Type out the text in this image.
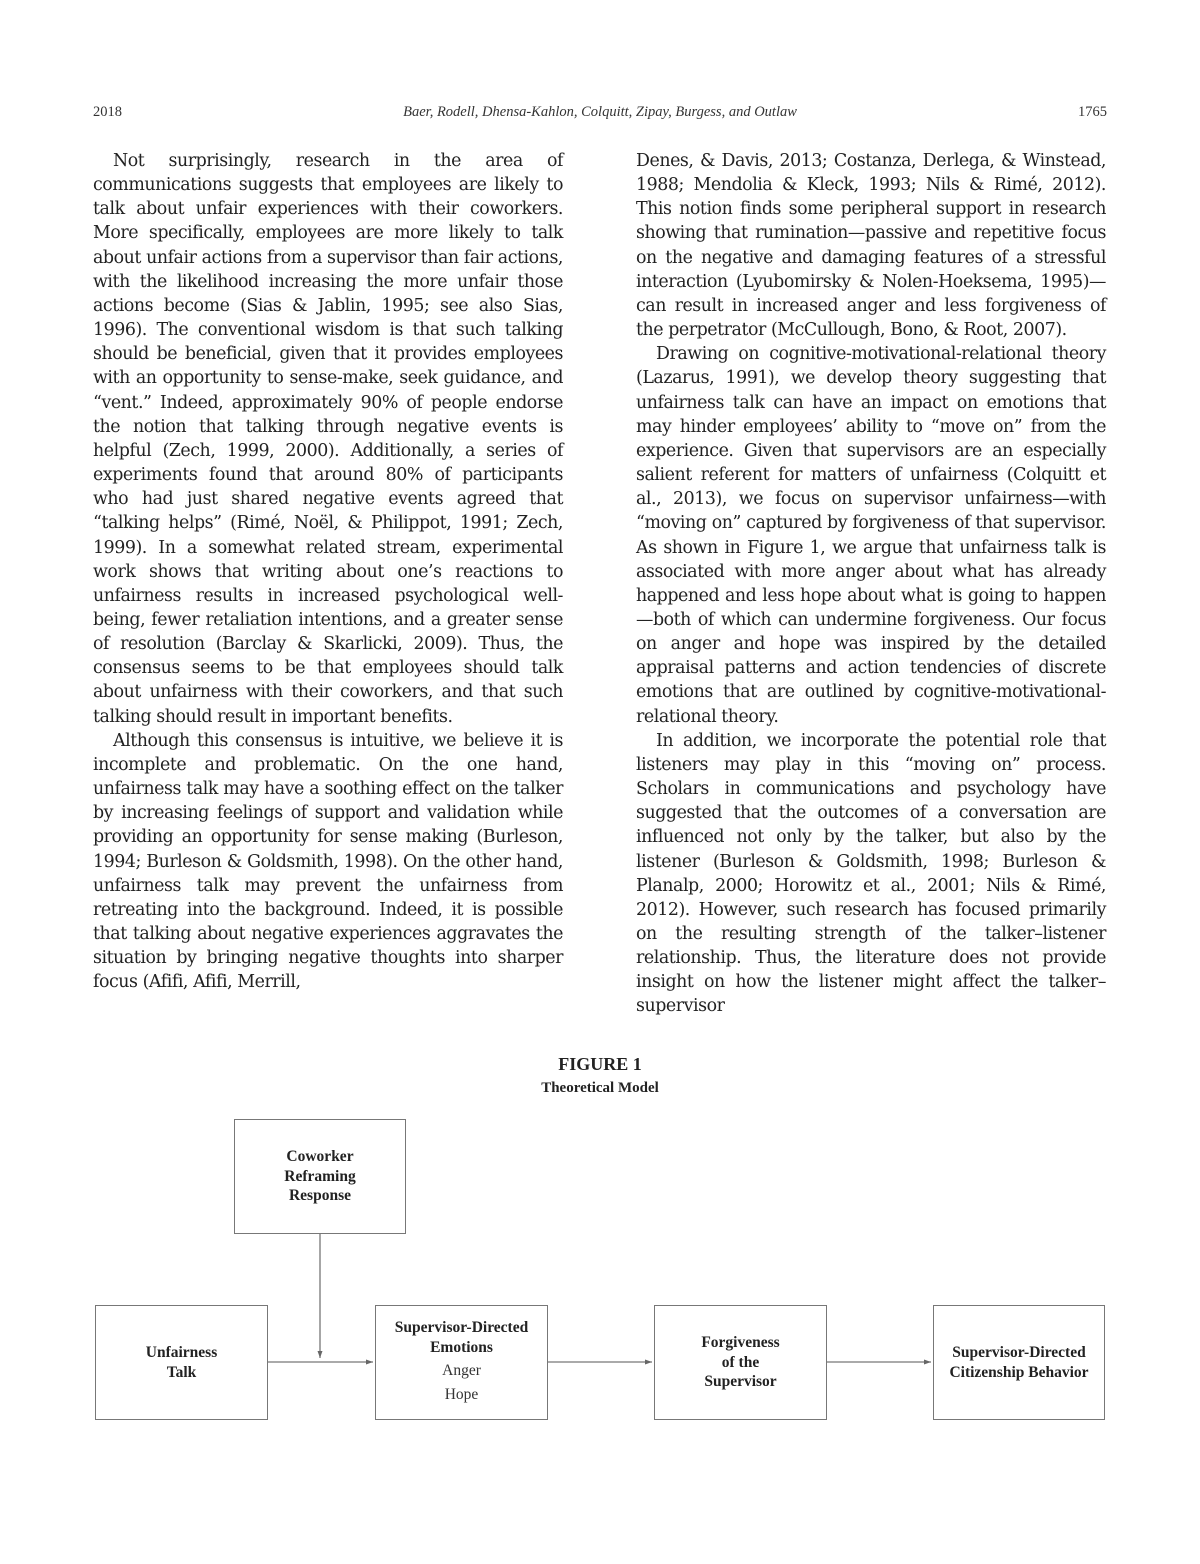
2018	Baer, Rodell, Dhensa-Kahlon, Colquitt, Zipay, Burgess, and Outlaw	1765

Not surprisingly, research in the area of communications suggests that employees are likely to talk about unfair experiences with their coworkers. More specifically, employees are more likely to talk about unfair actions from a supervisor than fair actions, with the likelihood increasing the more unfair those actions become (Sias & Jablin, 1995; see also Sias, 1996). The conventional wisdom is that such talking should be beneficial, given that it provides employees with an opportunity to sense-make, seek guidance, and “vent.” Indeed, approximately 90% of people endorse the notion that talking through negative events is helpful (Zech, 1999, 2000). Additionally, a series of experiments found that around 80% of participants who had just shared negative events agreed that “talking helps” (Rimé, Noël, & Philippot, 1991; Zech, 1999). In a somewhat related stream, experimental work shows that writing about one’s reactions to unfairness results in increased psychological well-being, fewer retaliation intentions, and a greater sense of resolution (Barclay & Skarlicki, 2009). Thus, the consensus seems to be that employees should talk about unfairness with their coworkers, and that such talking should result in important benefits.

Although this consensus is intuitive, we believe it is incomplete and problematic. On the one hand, unfairness talk may have a soothing effect on the talker by increasing feelings of support and validation while providing an opportunity for sense making (Burleson, 1994; Burleson & Goldsmith, 1998). On the other hand, unfairness talk may prevent the unfairness from retreating into the background. Indeed, it is possible that talking about negative experiences aggravates the situation by bringing negative thoughts into sharper focus (Afifi, Afifi, Merrill,

Denes, & Davis, 2013; Costanza, Derlega, & Winstead, 1988; Mendolia & Kleck, 1993; Nils & Rimé, 2012). This notion finds some peripheral support in research showing that rumination—passive and repetitive focus on the negative and damaging features of a stressful interaction (Lyubomirsky & Nolen-Hoeksema, 1995)—can result in increased anger and less forgiveness of the perpetrator (McCullough, Bono, & Root, 2007).

Drawing on cognitive-motivational-relational theory (Lazarus, 1991), we develop theory suggesting that unfairness talk can have an impact on emotions that may hinder employees’ ability to “move on” from the experience. Given that supervisors are an especially salient referent for matters of unfairness (Colquitt et al., 2013), we focus on supervisor unfairness—with “moving on” captured by forgiveness of that supervisor. As shown in Figure 1, we argue that unfairness talk is associated with more anger about what has already happened and less hope about what is going to happen—both of which can undermine forgiveness. Our focus on anger and hope was inspired by the detailed appraisal patterns and action tendencies of discrete emotions that are outlined by cognitive-motivational-relational theory.

In addition, we incorporate the potential role that listeners may play in this “moving on” process. Scholars in communications and psychology have suggested that the outcomes of a conversation are influenced not only by the talker, but also by the listener (Burleson & Goldsmith, 1998; Burleson & Planalp, 2000; Horowitz et al., 2001; Nils & Rimé, 2012). However, such research has focused primarily on the resulting strength of the talker–listener relationship. Thus, the literature does not provide insight on how the listener might affect the talker–supervisor

FIGURE 1
Theoretical Model
Coworker
Reframing
Response
Unfairness
Talk
Supervisor-Directed
Emotions
Anger
Hope
Forgiveness
of the
Supervisor
Supervisor-Directed
Citizenship Behavior
